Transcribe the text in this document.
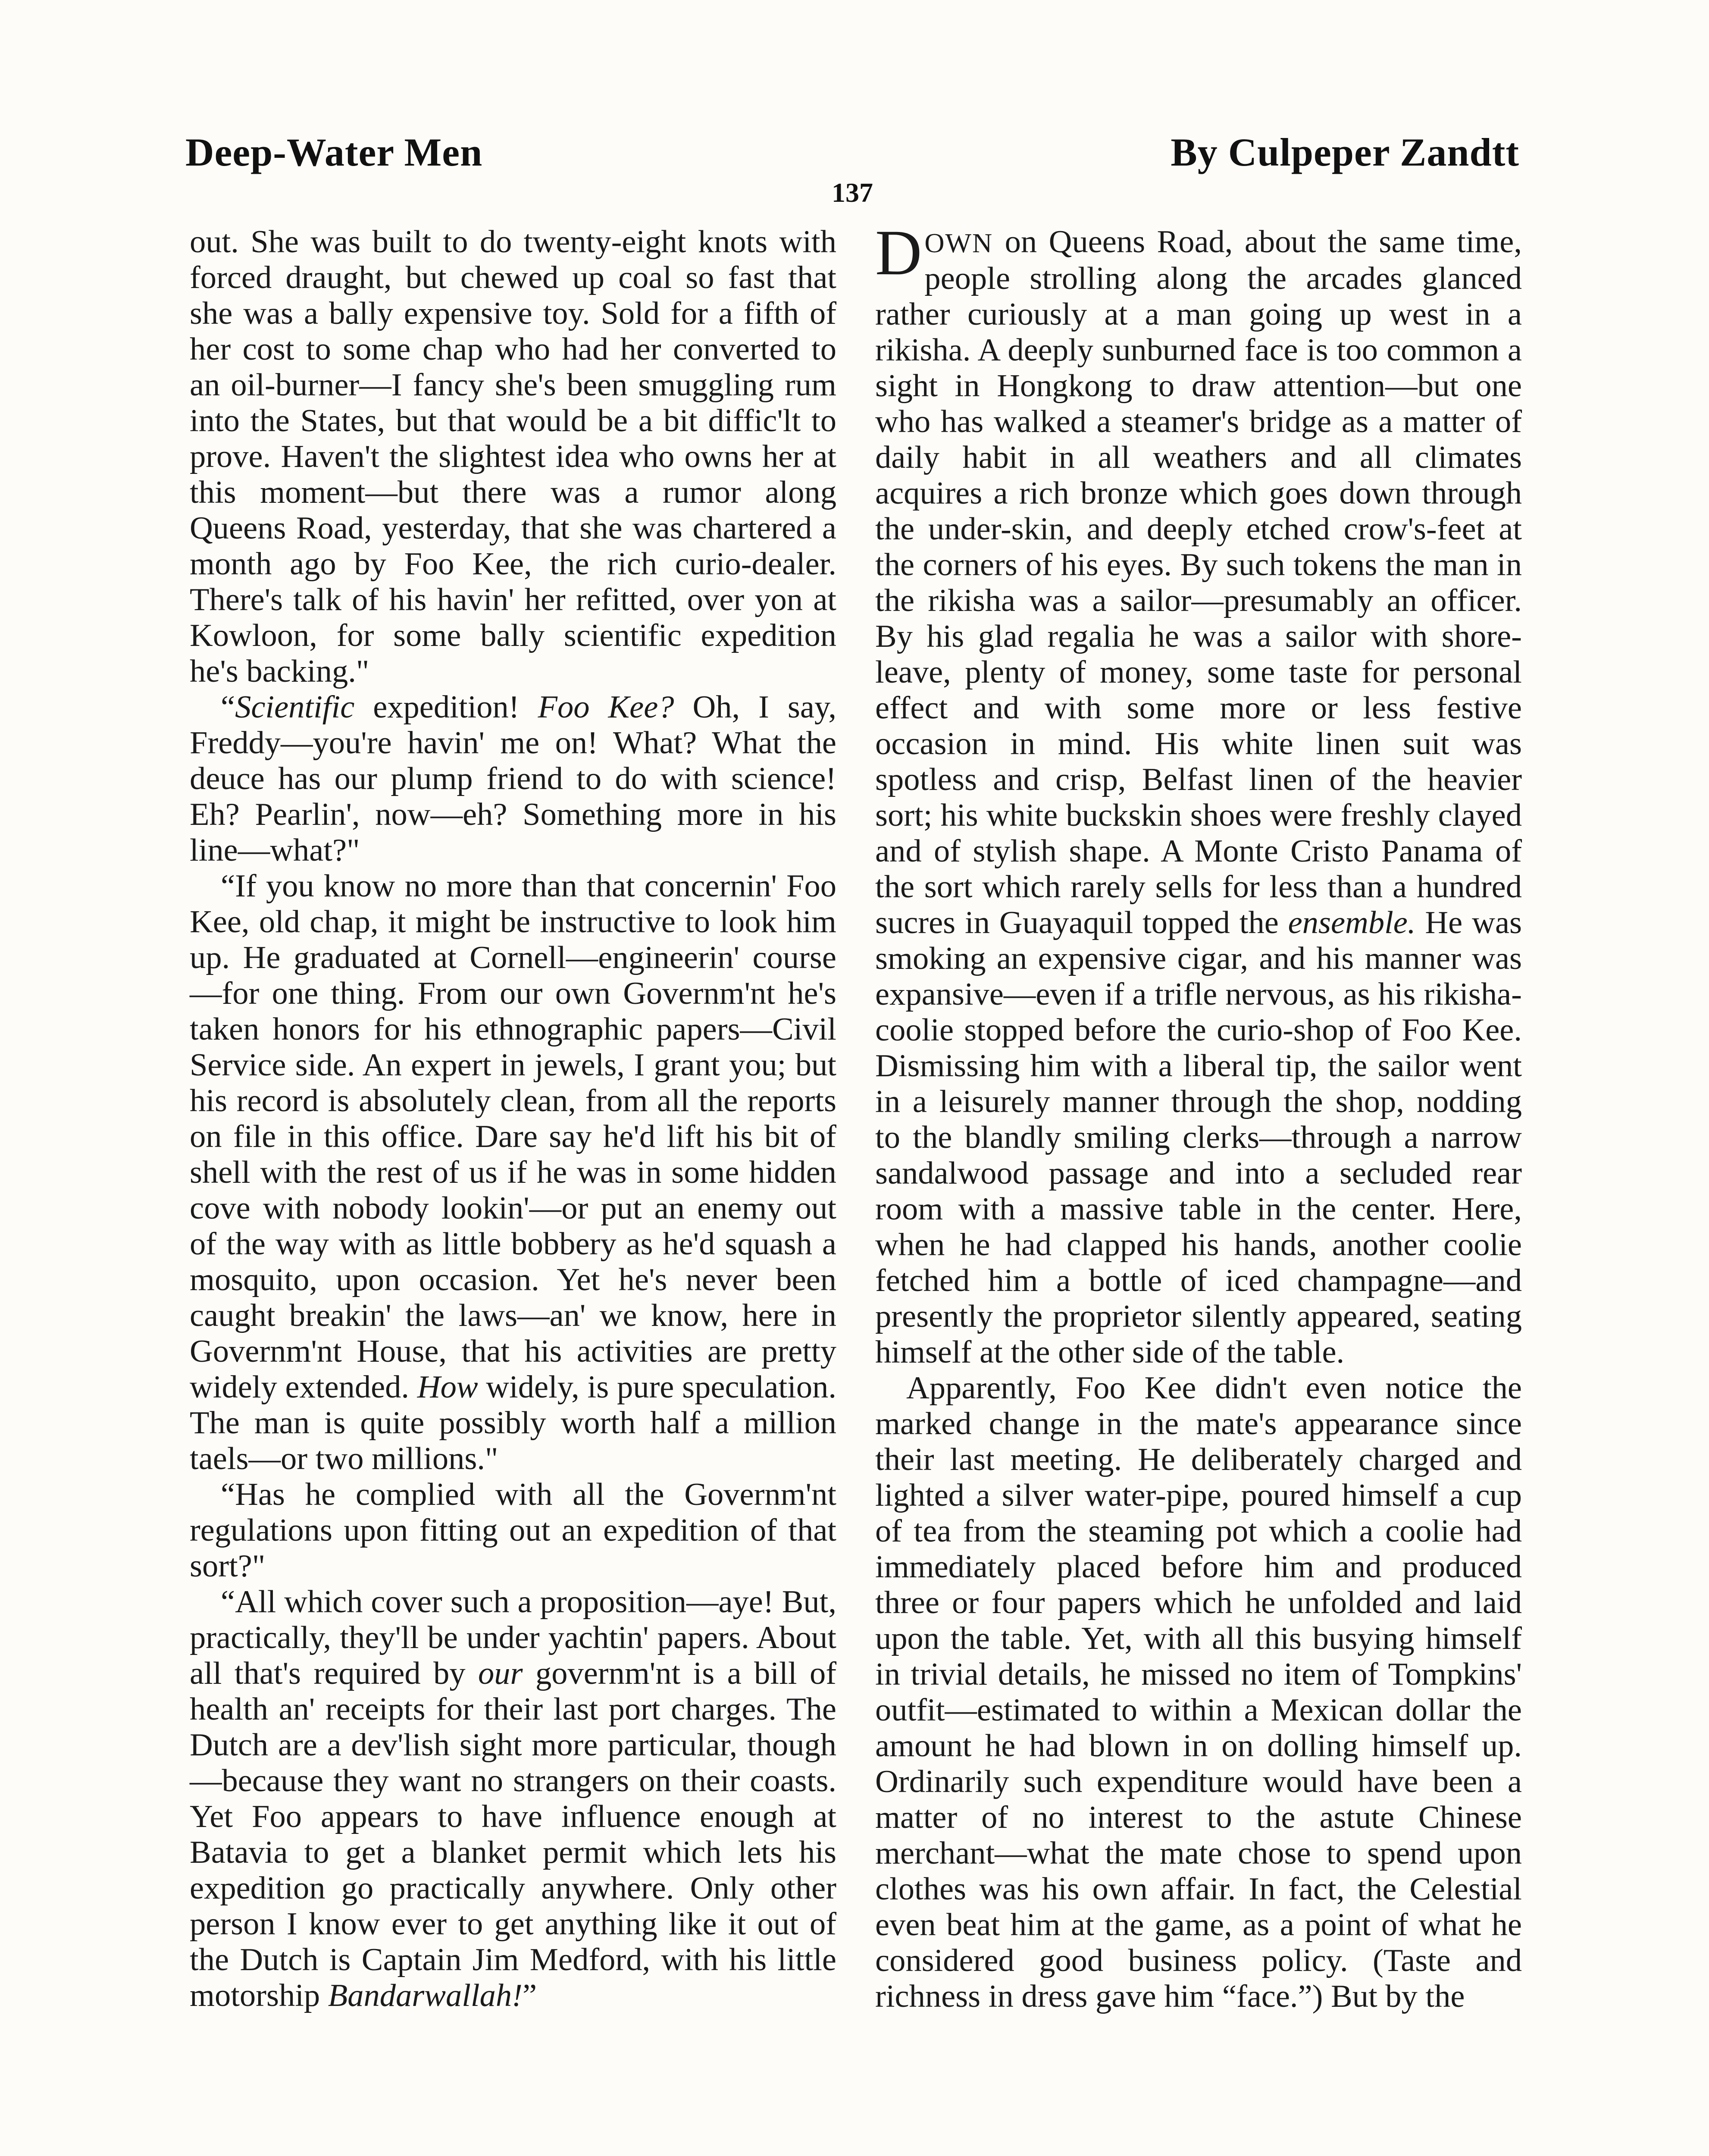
Deep-Water Men	By Culpeper Zandtt
137

out. She was built to do twenty-eight knots with forced draught, but chewed up coal so fast that she was a bally expensive toy. Sold for a fifth of her cost to some chap who had her converted to an oil-burner—I fancy she's been smuggling rum into the States, but that would be a bit diffic'lt to prove. Haven't the slightest idea who owns her at this moment—but there was a rumor along Queens Road, yesterday, that she was chartered a month ago by Foo Kee, the rich curio-dealer. There's talk of his havin' her refitted, over yon at Kowloon, for some bally scientific expedition he's backing."

“Scientific expedition! Foo Kee? Oh, I say, Freddy—you're havin' me on! What? What the deuce has our plump friend to do with science! Eh? Pearlin', now—eh? Something more in his line—what?"

“If you know no more than that concernin' Foo Kee, old chap, it might be instructive to look him up. He graduated at Cornell—engineerin' course—for one thing. From our own Governm'nt he's taken honors for his ethnographic papers—Civil Service side. An expert in jewels, I grant you; but his record is absolutely clean, from all the reports on file in this office. Dare say he'd lift his bit of shell with the rest of us if he was in some hidden cove with nobody lookin'—or put an enemy out of the way with as little bobbery as he'd squash a mosquito, upon occasion. Yet he's never been caught breakin' the laws—an' we know, here in Governm'nt House, that his activities are pretty widely extended. How widely, is pure speculation. The man is quite possibly worth half a million taels—or two millions."

“Has he complied with all the Governm'nt regulations upon fitting out an expedition of that sort?"

“All which cover such a proposition—aye! But, practically, they'll be under yachtin' papers. About all that's required by our governm'nt is a bill of health an' receipts for their last port charges. The Dutch are a dev'lish sight more particular, though—because they want no strangers on their coasts. Yet Foo appears to have influence enough at Batavia to get a blanket permit which lets his expedition go practically anywhere. Only other person I know ever to get anything like it out of the Dutch is Captain Jim Medford, with his little motorship Bandarwallah!”

DOWN on Queens Road, about the same time, people strolling along the arcades glanced rather curiously at a man going up west in a rikisha. A deeply sunburned face is too common a sight in Hongkong to draw attention—but one who has walked a steamer's bridge as a matter of daily habit in all weathers and all climates acquires a rich bronze which goes down through the under-skin, and deeply etched crow's-feet at the corners of his eyes. By such tokens the man in the rikisha was a sailor—presumably an officer. By his glad regalia he was a sailor with shore-leave, plenty of money, some taste for personal effect and with some more or less festive occasion in mind. His white linen suit was spotless and crisp, Belfast linen of the heavier sort; his white buckskin shoes were freshly clayed and of stylish shape. A Monte Cristo Panama of the sort which rarely sells for less than a hundred sucres in Guayaquil topped the ensemble. He was smoking an expensive cigar, and his manner was expansive—even if a trifle nervous, as his rikisha-coolie stopped before the curio-shop of Foo Kee. Dismissing him with a liberal tip, the sailor went in a leisurely manner through the shop, nodding to the blandly smiling clerks—through a narrow sandalwood passage and into a secluded rear room with a massive table in the center. Here, when he had clapped his hands, another coolie fetched him a bottle of iced champagne—and presently the proprietor silently appeared, seating himself at the other side of the table.

Apparently, Foo Kee didn't even notice the marked change in the mate's appearance since their last meeting. He deliberately charged and lighted a silver water-pipe, poured himself a cup of tea from the steaming pot which a coolie had immediately placed before him and produced three or four papers which he unfolded and laid upon the table. Yet, with all this busying himself in trivial details, he missed no item of Tompkins' outfit—estimated to within a Mexican dollar the amount he had blown in on dolling himself up. Ordinarily such expenditure would have been a matter of no interest to the astute Chinese merchant—what the mate chose to spend upon clothes was his own affair. In fact, the Celestial even beat him at the game, as a point of what he considered good business policy. (Taste and richness in dress gave him “face.”) But by the
